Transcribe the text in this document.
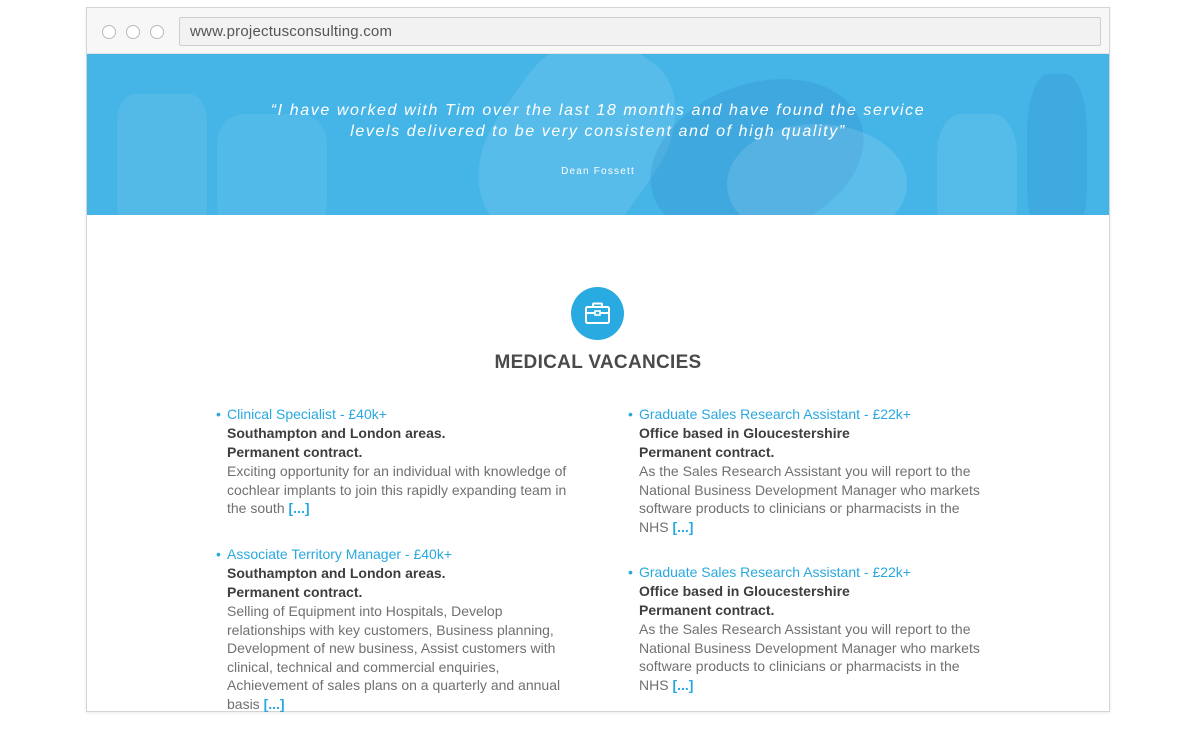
www.projectusconsulting.com
“I have worked with Tim over the last 18 months and have found the service
levels delivered to be very consistent and of high quality”
Dean Fossett
MEDICAL VACANCIES
• Clinical Specialist - £40k+
Southampton and London areas.
Permanent contract.
Exciting opportunity for an individual with knowledge of cochlear implants to join this rapidly expanding team in the south [...]
• Associate Territory Manager - £40k+
Southampton and London areas.
Permanent contract.
Selling of Equipment into Hospitals, Develop relationships with key customers, Business planning, Development of new business, Assist customers with clinical, technical and commercial enquiries, Achievement of sales plans on a quarterly and annual basis [...]
• Graduate Sales Research Assistant - £22k+
Office based in Gloucestershire
Permanent contract.
As the Sales Research Assistant you will report to the National Business Development Manager who markets software products to clinicians or pharmacists in the NHS [...]
• Graduate Sales Research Assistant - £22k+
Office based in Gloucestershire
Permanent contract.
As the Sales Research Assistant you will report to the National Business Development Manager who markets software products to clinicians or pharmacists in the NHS [...]
